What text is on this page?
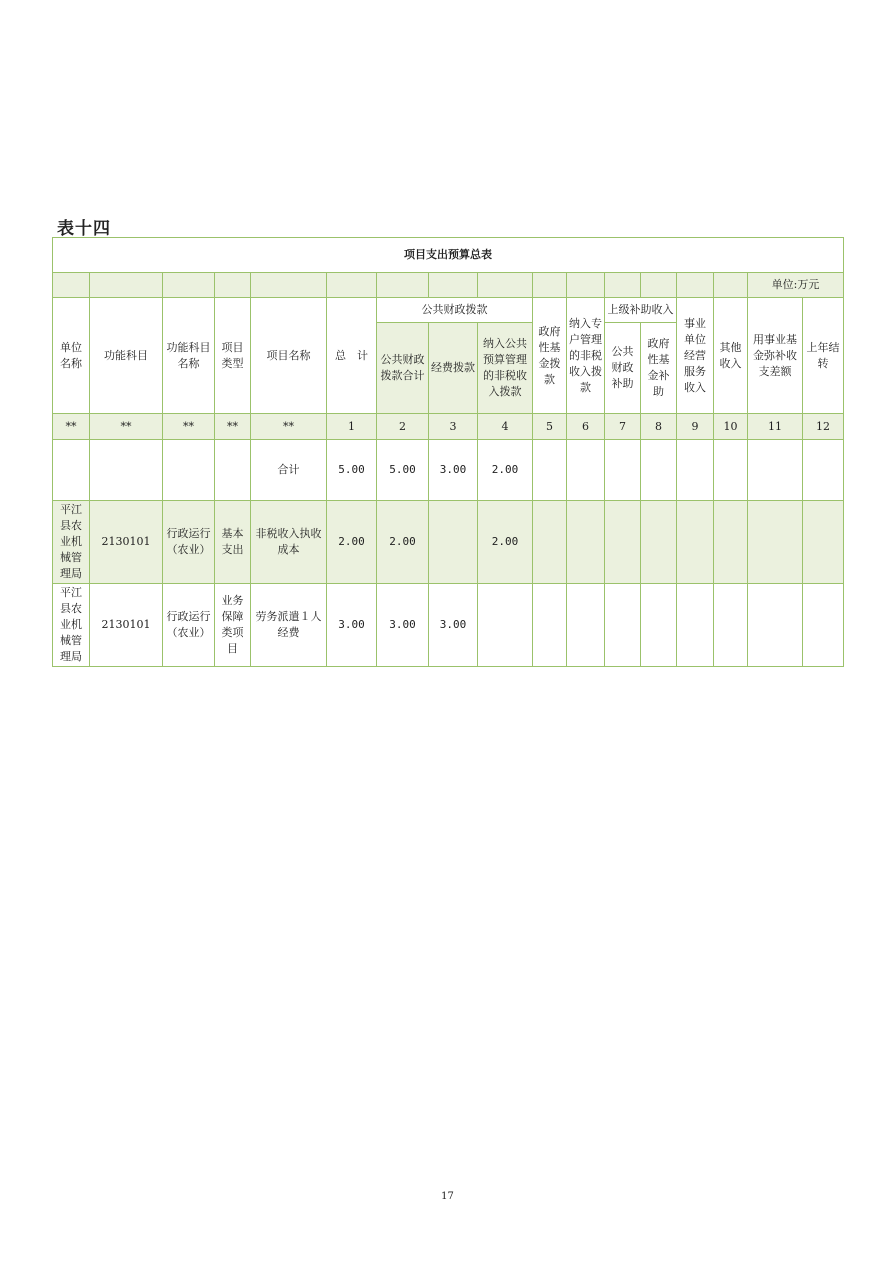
表十四
项目支出预算总表																
															单位:万元	
单位名称	功能科目	功能科目名称	项目类型	项目名称	总　计	公共财政拨款			政府性基金拨款	纳入专户管理的非税收入拨款	上级补助收入		事业单位经营服务收入	其他收入	用事业基金弥补收支差额	上年结转
						公共财政拨款合计	经费拨款	纳入公共预算管理的非税收入拨款			公共财政补助	政府性基金补助				
**	**	**	**	**	1	2	3	4	5	6	7	8	9	10	11	12
				合计	5.00	5.00	3.00	2.00								
平江县农业机械管理局	2130101	行政运行（农业）	基本支出	非税收入执收成本	2.00	2.00		2.00								
平江县农业机械管理局	2130101	行政运行（农业）	业务保障类项目	劳务派遣１人经费	3.00	3.00	3.00									
17
